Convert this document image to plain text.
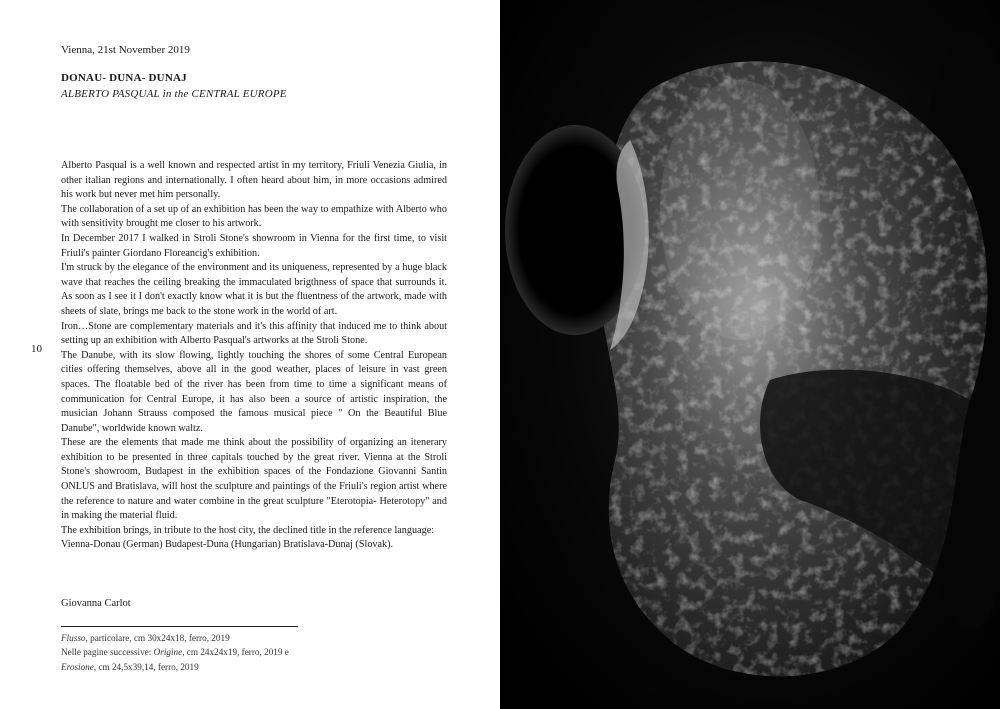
Vienna, 21st November 2019
DONAU- DUNA- DUNAJ
ALBERTO PASQUAL in the CENTRAL EUROPE
10

Alberto Pasqual is a well known and respected artist in my territory, Friuli Venezia Giulia, in other italian regions and internationally. I often heard about him, in more occasions admired his work but never met him personally.

The collaboration of a set up of an exhibition has been the way to empathize with Alberto who with sensitivity brought me closer to his artwork.

In December 2017 I walked in Stroli Stone's showroom in Vienna for the first time, to visit Friuli's painter Giordano Floreancig's exhibition.

I'm struck by the elegance of the environment and its uniqueness, represented by a huge black wave that reaches the ceiling breaking the immaculated brigthness of space that surrounds it. As soon as I see it I don't exactly know what it is but the fluentness of the artwork, made with sheets of slate, brings me back to the stone work in the world of art.

Iron…Stone are complementary materials and it's this affinity that induced me to think about setting up an exhibition with Alberto Pasqual's artworks at the Stroli Stone.

The Danube, with its slow flowing, lightly touching the shores of some Central European cities offering themselves, above all in the good weather, places of leisure in vast green spaces. The floatable bed of the river has been from time to time a significant means of communication for Central Europe, it has also been a source of artistic inspiration, the musician Johann Strauss composed the famous musical piece " On the Beautiful Blue Danube", worldwide known waltz.

These are the elements that made me think about the possibility of organizing an itenerary exhibition to be presented in three capitals touched by the great river. Vienna at the Stroli Stone's showroom, Budapest in the exhibition spaces of the Fondazione Giovanni Santin ONLUS and Bratislava, will host the sculpture and paintings of the Friuli's region artist where the reference to nature and water combine in the great sculpture "Eterotopia- Heterotopy" and in making the material fluid.

The exhibition brings, in tribute to the host city, the declined title in the reference language:

Vienna-Donau (German) Budapest-Duna (Hungarian) Bratislava-Dunaj (Slovak).

Giovanna Carlot
Flusso, particolare, cm 30x24x18, ferro, 2019
Nelle pagine successive: Origine, cm 24x24x19, ferro, 2019 e
Erosione, cm 24,5x39,14, ferro, 2019
